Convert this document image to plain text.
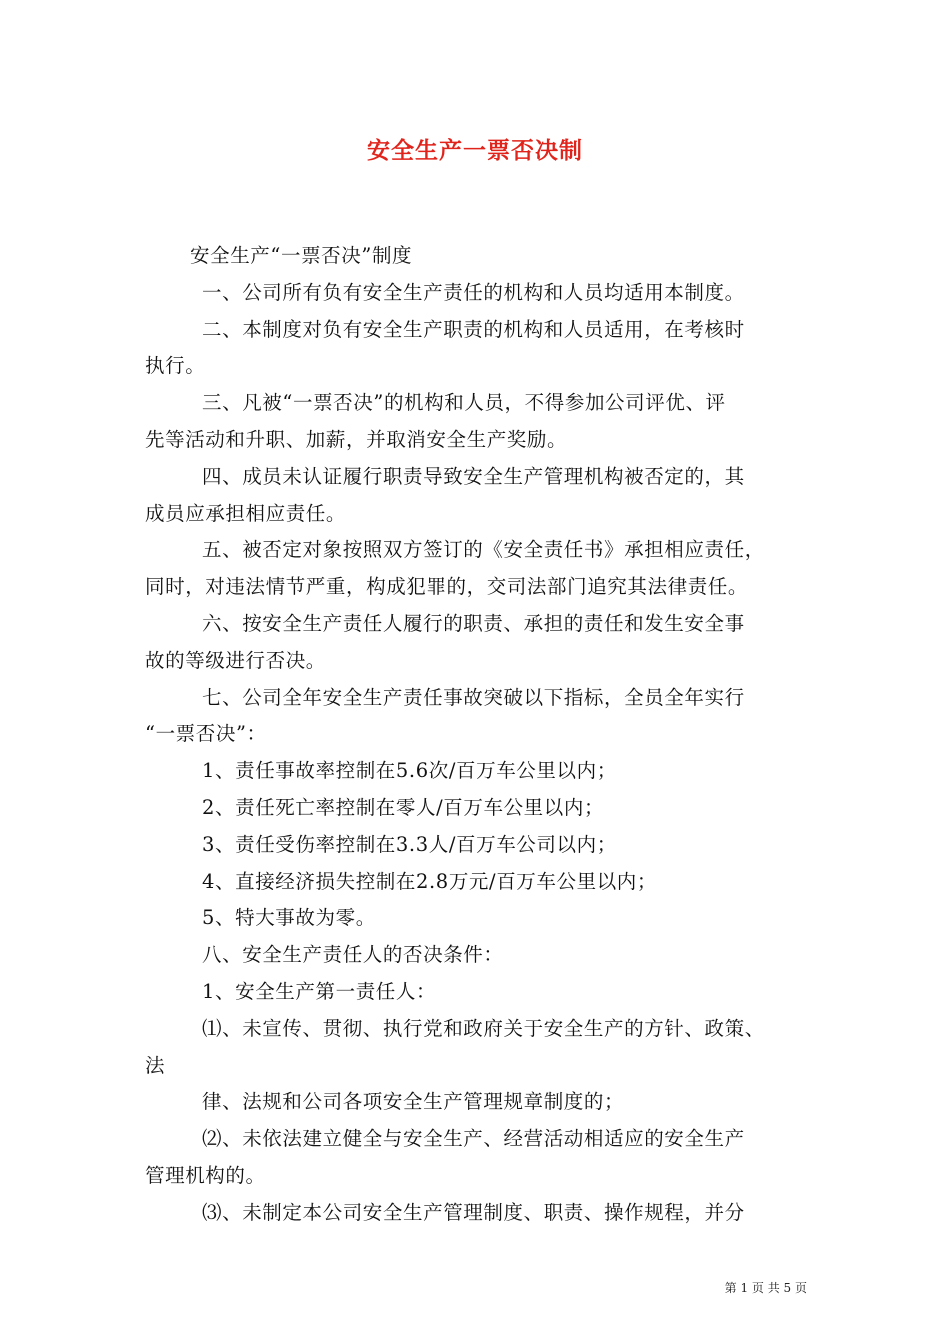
安全生产一票否决制
安全生产“一票否决”制度
一、公司所有负有安全生产责任的机构和人员均适用本制度。
二、本制度对负有安全生产职责的机构和人员适用，在考核时
执行。
三、凡被“一票否决”的机构和人员，不得参加公司评优、评
先等活动和升职、加薪，并取消安全生产奖励。
四、成员未认证履行职责导致安全生产管理机构被否定的，其
成员应承担相应责任。
五、被否定对象按照双方签订的《安全责任书》承担相应责任，
同时，对违法情节严重，构成犯罪的，交司法部门追究其法律责任。
六、按安全生产责任人履行的职责、承担的责任和发生安全事
故的等级进行否决。
七、公司全年安全生产责任事故突破以下指标，全员全年实行
“一票否决”：
1、责任事故率控制在5.6次/百万车公里以内；
2、责任死亡率控制在零人/百万车公里以内；
3、责任受伤率控制在3.3人/百万车公司以内；
4、直接经济损失控制在2.8万元/百万车公里以内；
5、特大事故为零。
八、安全生产责任人的否决条件：
1、安全生产第一责任人：
⑴、未宣传、贯彻、执行党和政府关于安全生产的方针、政策、
法
律、法规和公司各项安全生产管理规章制度的；
⑵、未依法建立健全与安全生产、经营活动相适应的安全生产
管理机构的。
⑶、未制定本公司安全生产管理制度、职责、操作规程，并分
第 1 页 共 5 页
